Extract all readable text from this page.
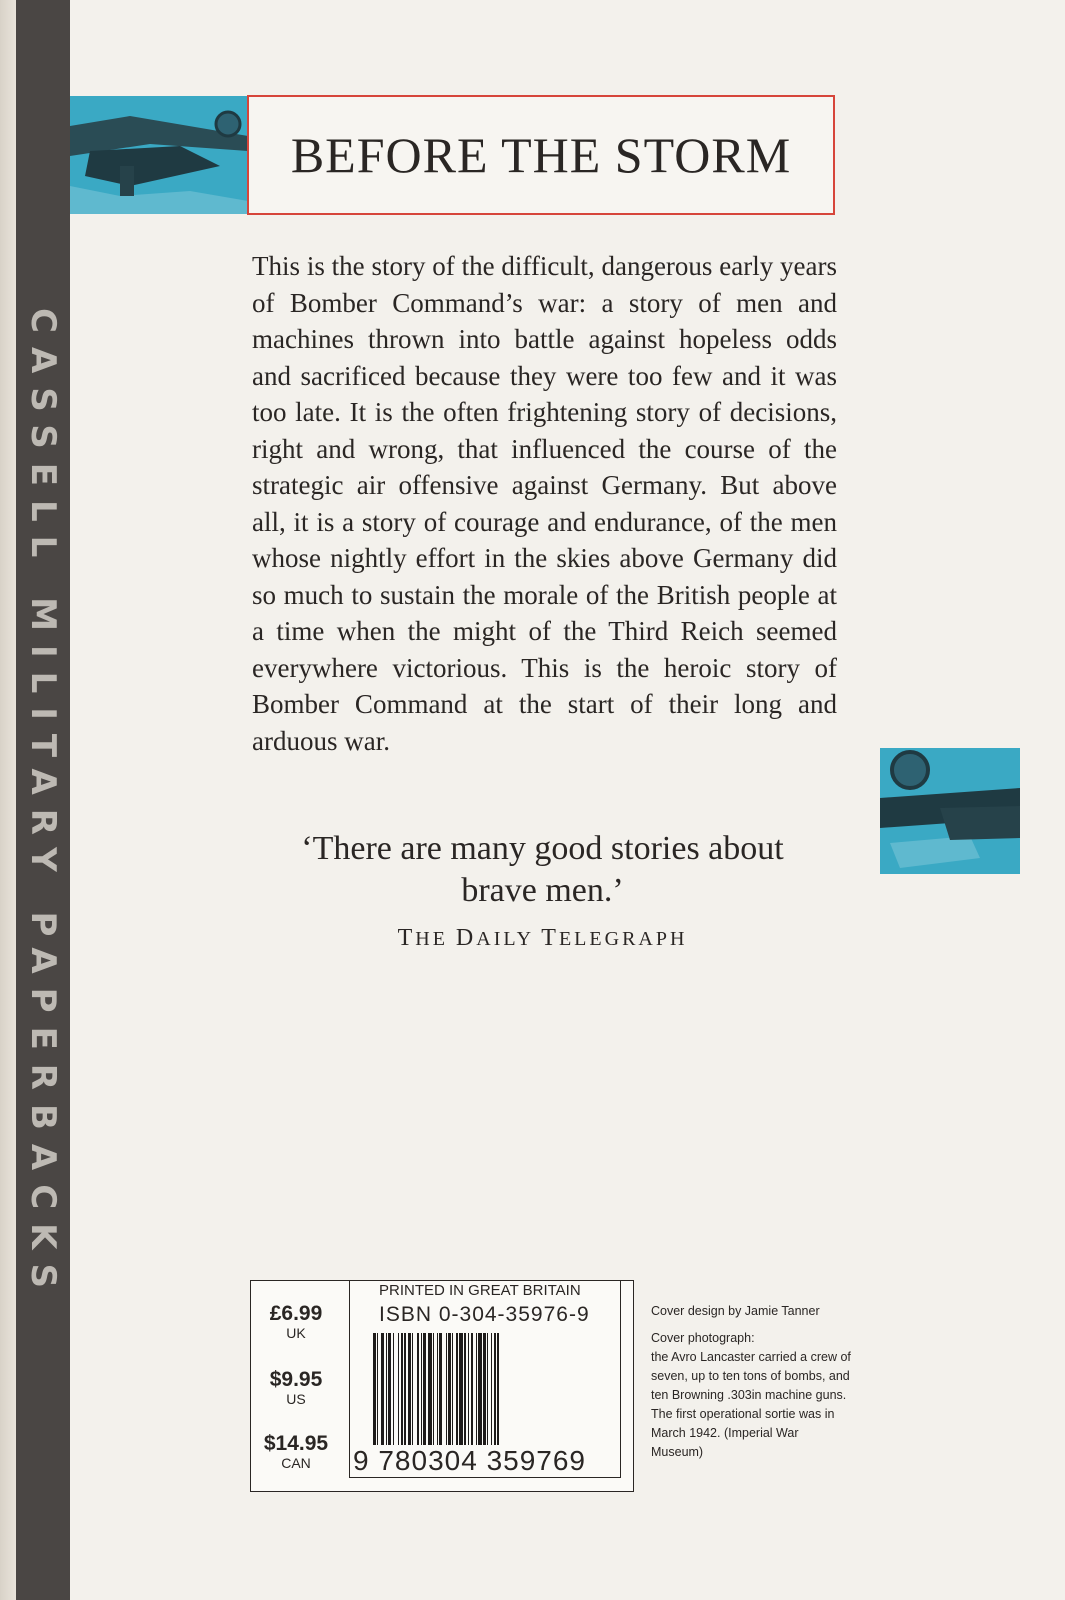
CASSELL MILITARY PAPERBACKS
BEFORE THE STORM

This is the story of the difficult, dangerous early years of Bomber Command’s war: a story of men and machines thrown into battle against hopeless odds and sacrificed because they were too few and it was too late. It is the often frightening story of decisions, right and wrong, that influenced the course of the strategic air offensive against Germany. But above all, it is a story of courage and endurance, of the men whose nightly effort in the skies above Germany did so much to sustain the morale of the British people at a time when the might of the Third Reich seemed everywhere victorious. This is the heroic story of Bomber Command at the start of their long and arduous war.

‘There are many good stories about
brave men.’
THE DAILY TELEGRAPH
£6.99
UK
$9.95
US
$14.95
CAN
PRINTED IN GREAT BRITAIN
ISBN 0-304-35976-9
9 780304 359769

Cover design by Jamie Tanner

Cover photograph:
the Avro Lancaster carried a crew of seven, up to ten tons of bombs, and ten Browning .303in machine guns. The first operational sortie was in March 1942. (Imperial War Museum)
